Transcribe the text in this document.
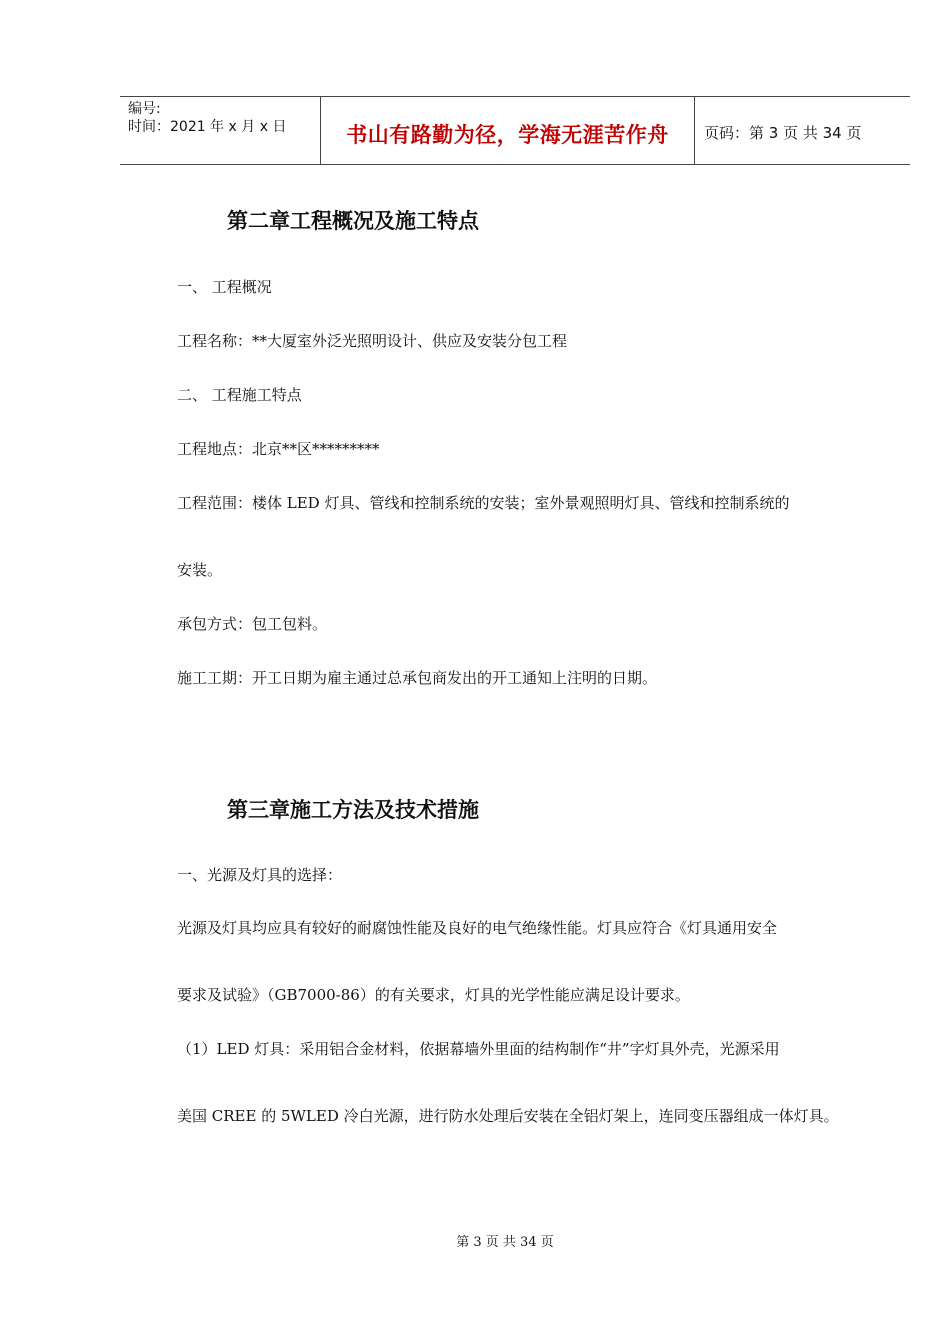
编号:
时间：2021 年 x 月 x 日	书山有路勤为径，学海无涯苦作舟	页码：第 3 页 共 34 页
第二章工程概况及施工特点
一、 工程概况
工程名称：**大厦室外泛光照明设计、供应及安装分包工程
二、 工程施工特点
工程地点：北京**区*********
工程范围：楼体 LED 灯具、管线和控制系统的安装；室外景观照明灯具、管线和控制系统的
安装。
承包方式：包工包料。
施工工期：开工日期为雇主通过总承包商发出的开工通知上注明的日期。
第三章施工方法及技术措施
一、光源及灯具的选择：
光源及灯具均应具有较好的耐腐蚀性能及良好的电气绝缘性能。灯具应符合《灯具通用安全
要求及试验》（GB7000-86）的有关要求，灯具的光学性能应满足设计要求。
（1）LED 灯具：采用铝合金材料，依据幕墙外里面的结构制作“井”字灯具外壳，光源采用
美国 CREE 的 5WLED 冷白光源，进行防水处理后安装在全铝灯架上，连同变压器组成一体灯具。
第 3 页 共 34 页
